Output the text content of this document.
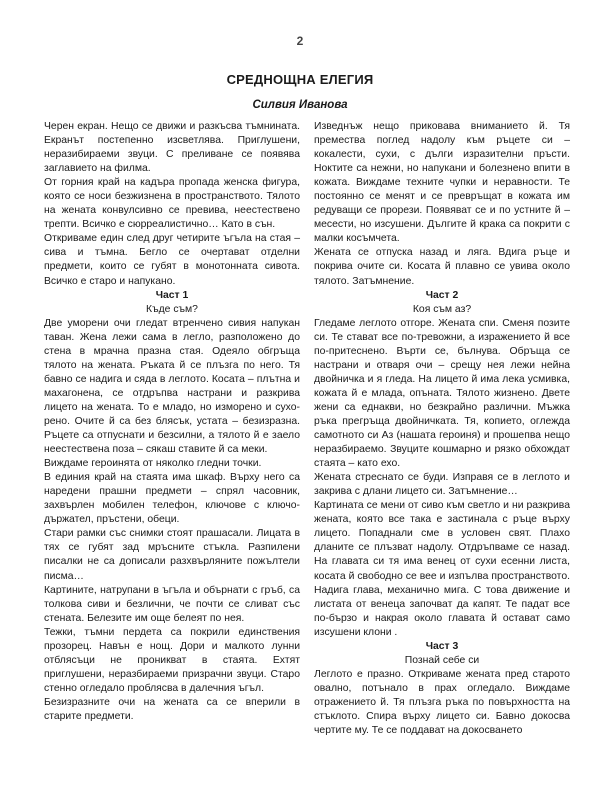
2
СРЕДНОЩНА ЕЛЕГИЯ
Силвия Иванова

Черен екран. Нещо се движи и разкъсва тъмнината. Екранът постепенно изсветлява. Приглушени, неразибираеми звуци. С преливане се появява заглавието на филма.

От горния край на кадъра пропада женска фигура, която се носи безжизнена в пространството. Тялото на жената конвулсивно се превива, неестествено трепти. Всичко е сюрреалистично… Като в сън.

Откриваме един след друг четирите ъгъла на стая – сива и тъмна. Бегло се очертават отделни предмети, които се губят в монотонната сивота. Всичко е старо и напукано.

Част 1

Къде съм?

Две уморени очи гледат втренчено сивия напукан таван. Жена лежи сама в легло, разположено до стена в мрачна празна стая. Одеяло обгръща тялото на жената. Ръката й се плъзга по него. Тя бавно се надига и сяда в леглото. Косата – плътна и махагонена, се отдръпва настрани и разкрива лицето на жената. То е младо, но изморено и сухорено. Очите й са без блясък, устата – безизразна. Ръцете са отпуснати и безсилни, а тялото й е заело неестествена поза – сякаш ставите й са меки.

Виждаме героинята от няколко гледни точки.

В единия край на стаята има шкаф. Върху него са наредени прашни предмети – спрял часовник, захвърлен мобилен телефон, ключове с ключодържател, пръстени, обеци.

Стари рамки със снимки стоят прашасали. Лицата в тях се губят зад мръсните стъкла. Разпилени писалки не са дописали разхвърляните пожълтели писма…

Картините, натрупани в ъгъла и обърнати с гръб, са толкова сиви и безлични, че почти се сливат със стената. Белезите им още белеят по нея.

Тежки, тъмни пердета са покрили единствения прозорец. Навън е нощ. Дори и малкото лунни отблясъци не проникват в стаята. Ехтят приглушени, неразбираеми призрачни звуци. Старо стенно огледало проблясва в далечния ъгъл.

Безизразните очи на жената са се вперили в старите предмети.

Изведнъж нещо приковава вниманието й. Тя премества поглед надолу към ръцете си – кокалести, сухи, с дълги изразителни пръсти. Ноктите са нежни, но напукани и болезнено впити в кожата. Виждаме техните чупки и неравности. Те постоянно се менят и се превръщат в кожата им редуващи се прорези. Появяват се и по устните й – месести, но изсушени. Дългите й крака са покрити с малки косъмчета.

Жената се отпуска назад и ляга. Вдига ръце и покрива очите си. Косата й плавно се увива около тялото. Затъмнение.

Част 2

Коя съм аз?

Гледаме леглото отгоре. Жената спи. Сменя позите си. Те стават все по-тревожни, а изражението й все по-притеснено. Върти се, бълнува. Обръща се настрани и отваря очи – срещу нея лежи нейна двойничка и я гледа. На лицето й има лека усмивка, кожата й е млада, опъната. Тялото жизнено. Двете жени са еднакви, но безкрайно различни. Мъжка ръка прегръща двойничката. Тя, копието, оглежда самотното си Аз (нашата героиня) и прошепва нещо неразбираемо. Звуците кошмарно и рязко обхождат стаята – като ехо.

Жената стреснато се буди. Изправя се в леглото и закрива с длани лицето си. Затъмнение…

Картината се мени от сиво към светло и ни разкрива жената, която все така е застинала с ръце върху лицето. Попаднали сме в условен свят. Плахо дланите се плъзват надолу. Отдръпваме се назад. На главата си тя има венец от сухи есенни листа, косата й свободно се вее и изпълва пространството. Надига глава, механично мига. С това движение и листата от венеца започват да капят. Те падат все по-бързо и накрая около главата й остават само изсушени клони .

Част 3

Познай себе си

Леглото е празно. Откриваме жената пред старото овално, потънало в прах огледало. Виждаме отражението й. Тя плъзга ръка по повърхността на стъклото. Спира върху лицето си. Бавно докосва чертите му. Те се поддават на докосването
